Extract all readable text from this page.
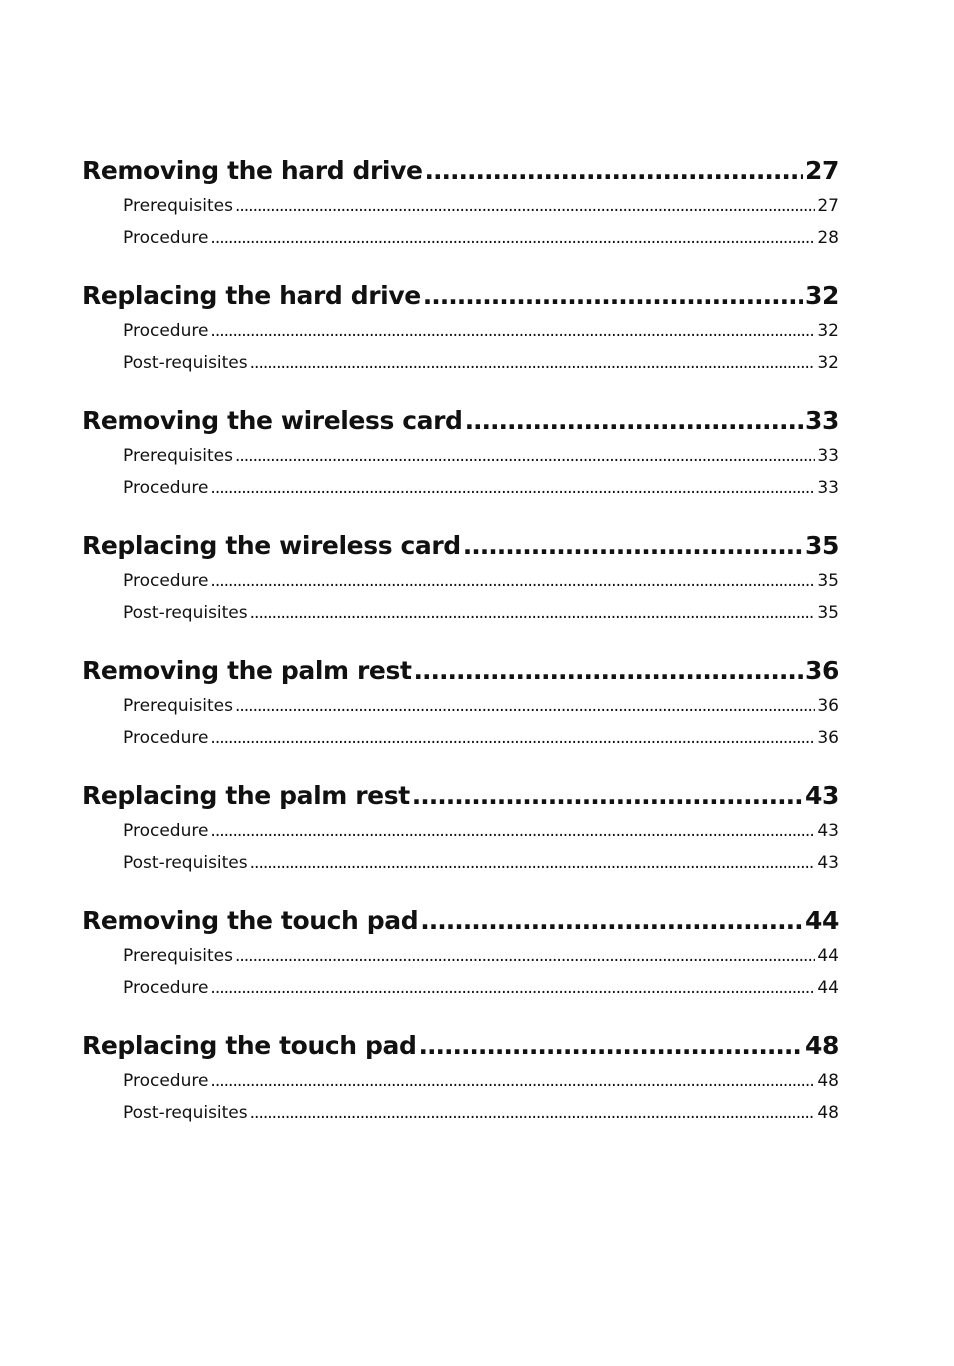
Removing the hard drive .....	27
Prerequisites .....	27
Procedure .....	28
Replacing the hard drive .....	32
Procedure .....	32
Post-requisites .....	32
Removing the wireless card .....	33
Prerequisites .....	33
Procedure .....	33
Replacing the wireless card .....	35
Procedure .....	35
Post-requisites .....	35
Removing the palm rest .....	36
Prerequisites .....	36
Procedure .....	36
Replacing the palm rest .....	43
Procedure .....	43
Post-requisites .....	43
Removing the touch pad .....	44
Prerequisites .....	44
Procedure .....	44
Replacing the touch pad .....	48
Procedure .....	48
Post-requisites .....	48
